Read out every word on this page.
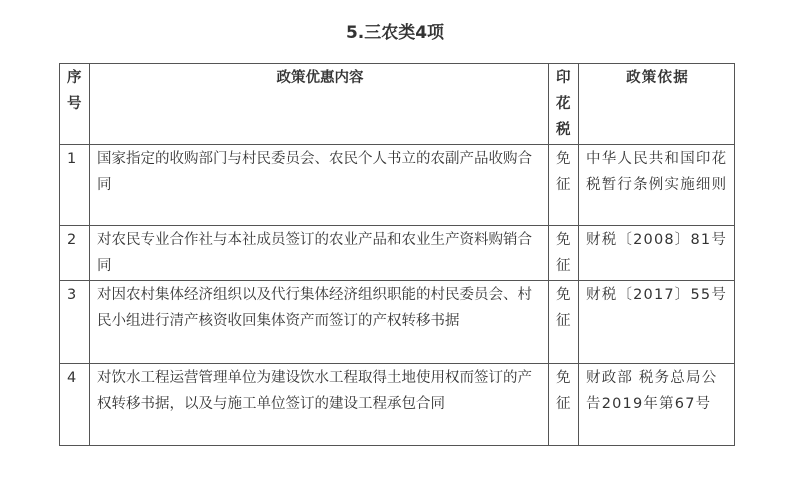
5.三农类4项
序号	政策优惠内容	印花税	政策依据
1	国家指定的收购部门与村民委员会、农民个人书立的农副产品收购合同	免征	中华人民共和国印花税暂行条例实施细则
2	对农民专业合作社与本社成员签订的农业产品和农业生产资料购销合同	免征	财税〔2008〕81号
3	对因农村集体经济组织以及代行集体经济组织职能的村民委员会、村民小组进行清产核资收回集体资产而签订的产权转移书据	免征	财税〔2017〕55号
4	对饮水工程运营管理单位为建设饮水工程取得土地使用权而签订的产权转移书据，以及与施工单位签订的建设工程承包合同	免征	财政部 税务总局公告2019年第67号
